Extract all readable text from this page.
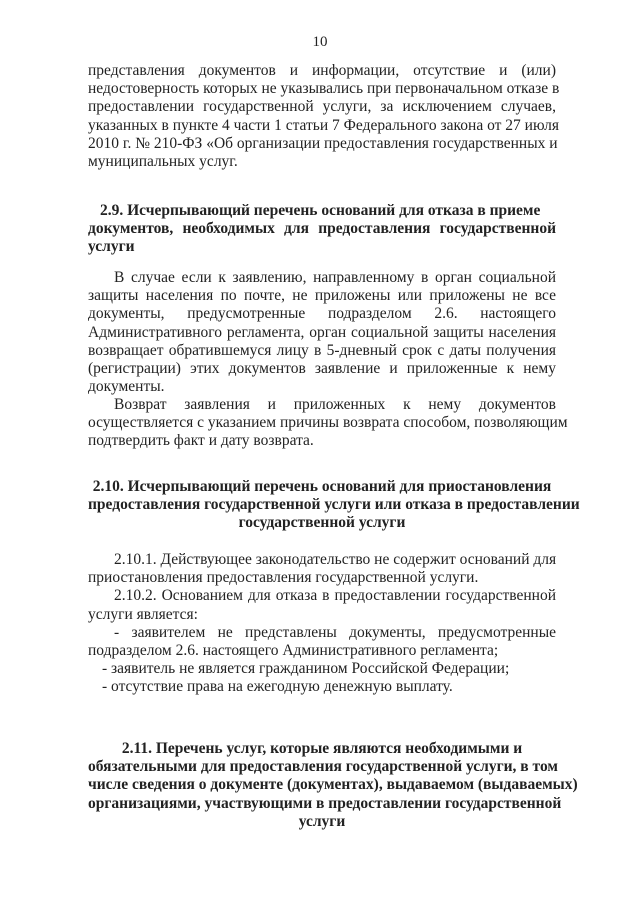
10
представления документов и информации, отсутствие и (или)
недостоверность которых не указывались при первоначальном отказе в
предоставлении государственной услуги, за исключением случаев,
указанных в пункте 4 части 1 статьи 7 Федерального закона от 27 июля
2010 г. № 210-ФЗ «Об организации предоставления государственных и
муниципальных услуг.
2.9. Исчерпывающий перечень оснований для отказа в приеме
документов, необходимых для предоставления государственной
услуги
В случае если к заявлению, направленному в орган социальной
защиты населения по почте, не приложены или приложены не все
документы, предусмотренные подразделом 2.6. настоящего
Административного регламента, орган социальной защиты населения
возвращает обратившемуся лицу в 5-дневный срок с даты получения
(регистрации) этих документов заявление и приложенные к нему
документы.
Возврат заявления и приложенных к нему документов
осуществляется с указанием причины возврата способом, позволяющим
подтвердить факт и дату возврата.
2.10. Исчерпывающий перечень оснований для приостановления
предоставления государственной услуги или отказа в предоставлении
государственной услуги
2.10.1. Действующее законодательство не содержит оснований для
приостановления предоставления государственной услуги.
2.10.2. Основанием для отказа в предоставлении государственной
услуги является:
- заявителем не представлены документы, предусмотренные
подразделом 2.6. настоящего Административного регламента;
- заявитель не является гражданином Российской Федерации;
- отсутствие права на ежегодную денежную выплату.
2.11. Перечень услуг, которые являются необходимыми и
обязательными для предоставления государственной услуги, в том
числе сведения о документе (документах), выдаваемом (выдаваемых)
организациями, участвующими в предоставлении государственной
услуги
